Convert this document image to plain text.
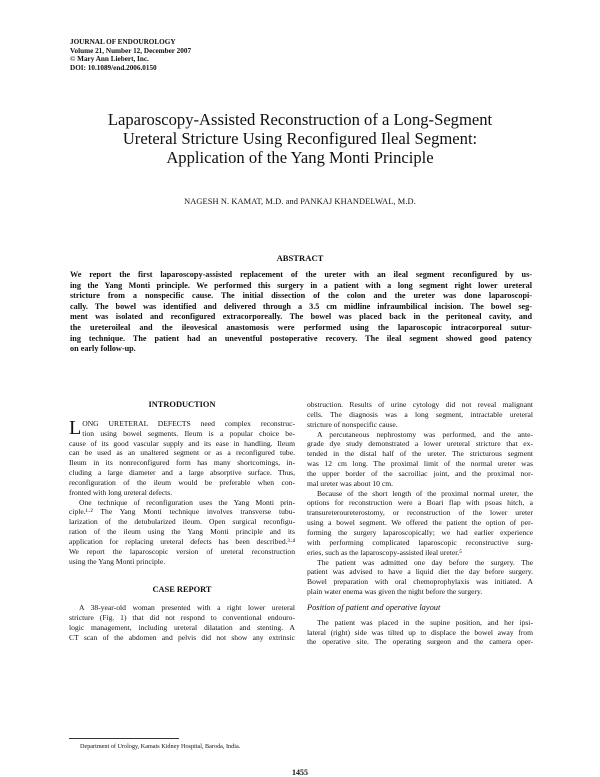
JOURNAL OF ENDOUROLOGY
Volume 21, Number 12, December 2007
© Mary Ann Liebert, Inc.
DOI: 10.1089/end.2006.0150
Laparoscopy-Assisted Reconstruction of a Long-Segment
Ureteral Stricture Using Reconfigured Ileal Segment:
Application of the Yang Monti Principle
NAGESH N. KAMAT, M.D. and PANKAJ KHANDELWAL, M.D.
ABSTRACT
We report the first laparoscopy-assisted replacement of the ureter with an ileal segment reconfigured by us-
ing the Yang Monti principle. We performed this surgery in a patient with a long segment right lower ureteral
stricture from a nonspecific cause. The initial dissection of the colon and the ureter was done laparoscopi-
cally. The bowel was identified and delivered through a 3.5 cm midline infraumbilical incision. The bowel seg-
ment was isolated and reconfigured extracorporeally. The bowel was placed back in the peritoneal cavity, and
the ureteroileal and the ileovesical anastomosis were performed using the laparoscopic intracorporeal sutur-
ing technique. The patient had an uneventful postoperative recovery. The ileal segment showed good patency
on early follow-up.
INTRODUCTION
L ONG URETERAL DEFECTS need complex reconstruc-
tion using bowel segments. Ileum is a popular choice be-
cause of its good vascular supply and its ease in handling. Ileum
can be used as an unaltered segment or as a reconfigured tube.
Ileum in its nonreconfigured form has many shortcomings, in-
cluding a large diameter and a large absorptive surface. Thus,
reconfiguration of the ileum would be preferable when con-
fronted with long ureteral defects.
One technique of reconfiguration uses the Yang Monti prin-
ciple.¹·² The Yang Monti technique involves transverse tubu-
larization of the detubularized ileum. Open surgical reconfigu-
ration of the ileum using the Yang Monti principle and its
application for replacing ureteral defects has been described.³·⁴
We report the laparoscopic version of ureteral reconstruction
using the Yang Monti principle.
CASE REPORT
A 38-year-old woman presented with a right lower ureteral
stricture (Fig. 1) that did not respond to conventional endouro-
logic management, including ureteral dilatation and stenting. A
CT scan of the abdomen and pelvis did not show any extrinsic
obstruction. Results of urine cytology did not reveal malignant
cells. The diagnosis was a long segment, intractable ureteral
stricture of nonspecific cause.
A percutaneous nephrostomy was performed, and the ante-
grade dye study demonstrated a lower ureteral stricture that ex-
tended in the distal half of the ureter. The stricturous segment
was 12 cm long. The proximal limit of the normal ureter was
the upper border of the sacroiliac joint, and the proximal nor-
mal ureter was about 10 cm.
Because of the short length of the proximal normal ureter, the
options for reconstruction were a Boari flap with psoas hitch, a
transureteroureterostomy, or reconstruction of the lower ureter
using a bowel segment. We offered the patient the option of per-
forming the surgery laparoscopically; we had earlier experience
with performing complicated laparoscopic reconstructive surg-
eries, such as the laparoscopy-assisted ileal ureter.⁵
The patient was admitted one day before the surgery. The
patient was advised to have a liquid diet the day before surgery.
Bowel preparation with oral chemoprophylaxis was initiated. A
plain water enema was given the night before the surgery.
Position of patient and operative layout
The patient was placed in the supine position, and her ipsi-
lateral (right) side was tilted up to displace the bowel away from
the operative site. The operating surgeon and the camera oper-
Department of Urology, Kamats Kidney Hospital, Baroda, India.
1455
